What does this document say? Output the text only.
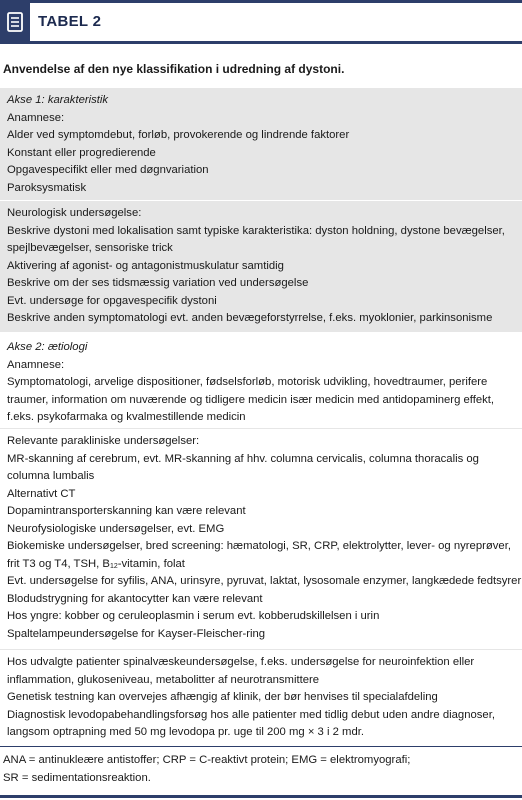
TABEL 2
Anvendelse af den nye klassifikation i udredning af dystoni.
Akse 1: karakteristik
Anamnese:
Alder ved symptomdebut, forløb, provokerende og lindrende faktorer
Konstant eller progredierende
Opgavespecifikt eller med døgnvariation
Paroksysmatisk
Neurologisk undersøgelse:
Beskrive dystoni med lokalisation samt typiske karakteristika: dyston holdning, dystone bevægelser,
spejlbevægelser, sensoriske trick
Aktivering af agonist- og antagonistmuskulatur samtidig
Beskrive om der ses tidsmæssig variation ved undersøgelse
Evt. undersøge for opgavespecifik dystoni
Beskrive anden symptomatologi evt. anden bevægeforstyrrelse, f.eks. myoklonier, parkinsonisme
Akse 2: ætiologi
Anamnese:
Symptomatologi, arvelige dispositioner, fødselsforløb, motorisk udvikling, hovedtraumer, perifere
traumer, information om nuværende og tidligere medicin især medicin med antidopaminerg effekt,
f.eks. psykofarmaka og kvalmestillende medicin
Relevante parakliniske undersøgelser:
MR-skanning af cerebrum, evt. MR-skanning af hhv. columna cervicalis, columna thoracalis og
columna lumbalis
Alternativt CT
Dopamintransporterskanning kan være relevant
Neurofysiologiske undersøgelser, evt. EMG
Biokemiske undersøgelser, bred screening: hæmatologi, SR, CRP, elektrolytter, lever- og nyreprøver,
frit T3 og T4, TSH, $B_{12}$-vitamin, folat
Evt. undersøgelse for syfilis, ANA, urinsyre, pyruvat, laktat, lysosomale enzymer, langkædede fedtsyrer
Blodudstrygning for akantocytter kan være relevant
Hos yngre: kobber og ceruleoplasmin i serum evt. kobberudskillelsen i urin
Spaltelampeundersøgelse for Kayser-Fleischer-ring
Hos udvalgte patienter spinalvæskeundersøgelse, f.eks. undersøgelse for neuroinfektion eller
inflammation, glukoseniveau, metabolitter af neurotransmittere
Genetisk testning kan overvejes afhængig af klinik, der bør henvises til specialafdeling
Diagnostisk levodopabehandlingsforsøg hos alle patienter med tidlig debut uden andre diagnoser,
langsom optrapning med 50 mg levodopa pr. uge til 200 mg × 3 i 2 mdr.
ANA = antinukleære antistoffer; CRP = C-reaktivt protein; EMG = elektromyografi;
SR = sedimentationsreaktion.
